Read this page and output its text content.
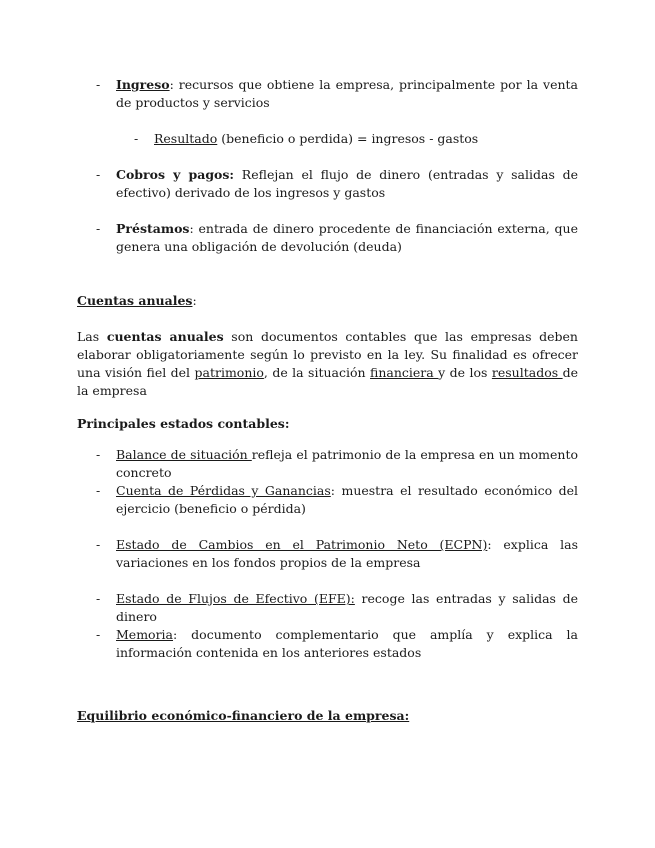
- Ingreso: recursos que obtiene la empresa, principalmente por la venta de productos y servicios
- Resultado (beneficio o perdida) = ingresos - gastos
- Cobros y pagos: Reflejan el flujo de dinero (entradas y salidas de efectivo) derivado de los ingresos y gastos
- Préstamos: entrada de dinero procedente de financiación externa, que genera una obligación de devolución (deuda)
Cuentas anuales:
Las cuentas anuales son documentos contables que las empresas deben elaborar obligatoriamente según lo previsto en la ley. Su finalidad es ofrecer una visión fiel del patrimonio, de la situación financiera y de los resultados de la empresa
Principales estados contables:
- Balance de situación refleja el patrimonio de la empresa en un momento concreto
- Cuenta de Pérdidas y Ganancias: muestra el resultado económico del ejercicio (beneficio o pérdida)
- Estado de Cambios en el Patrimonio Neto (ECPN): explica las variaciones en los fondos propios de la empresa
- Estado de Flujos de Efectivo (EFE): recoge las entradas y salidas de dinero
- Memoria: documento complementario que amplía y explica la información contenida en los anteriores estados
Equilibrio económico-financiero de la empresa:
